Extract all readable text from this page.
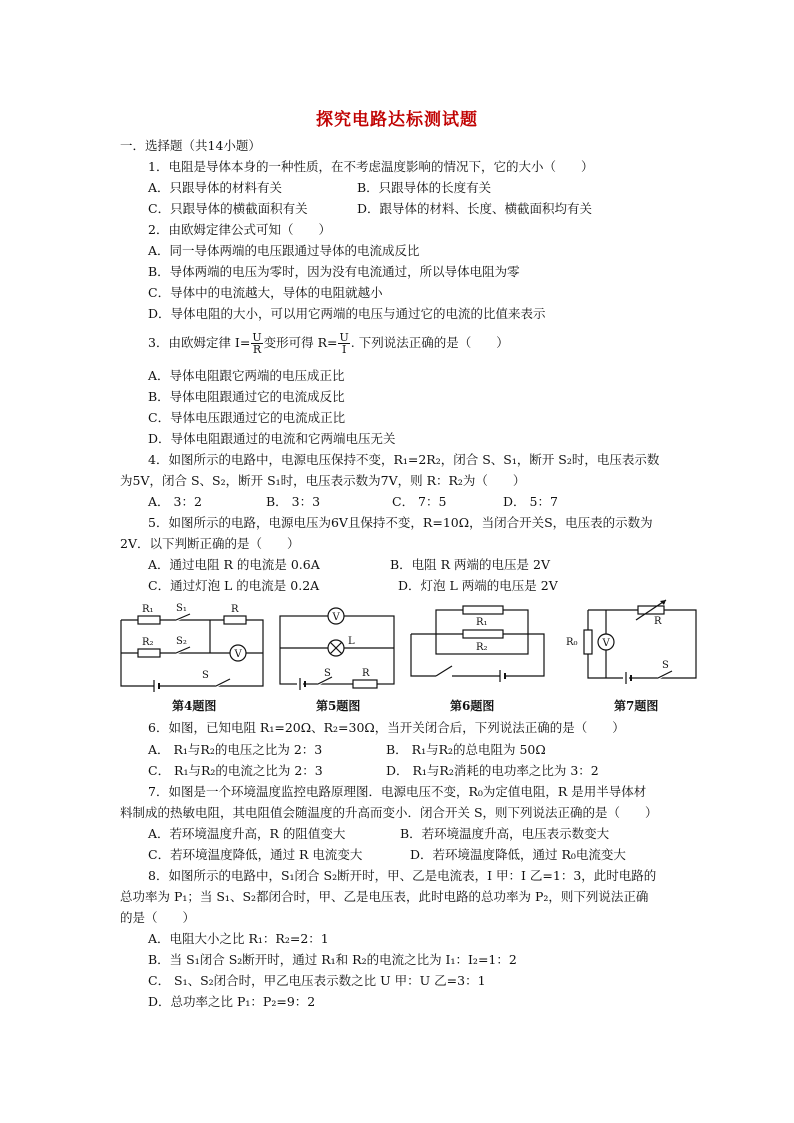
探究电路达标测试题
一．选择题（共14小题）
1．电阻是导体本身的一种性质，在不考虑温度影响的情况下，它的大小（　　）
A．只跟导体的材料有关	B．只跟导体的长度有关
C．只跟导体的横截面积有关	D．跟导体的材料、长度、横截面积均有关
2．由欧姆定律公式可知（　　）
A．同一导体两端的电压跟通过导体的电流成反比
B．导体两端的电压为零时，因为没有电流通过，所以导体电阻为零
C．导体中的电流越大，导体的电阻就越小
D．导体电阻的大小，可以用它两端的电压与通过它的电流的比值来表示
3．由欧姆定律 $I= \frac{U}{R}$ 变形可得 $R= \frac{U}{I}$ . 下列说法正确的是（　　）
A．导体电阻跟它两端的电压成正比
B．导体电阻跟通过它的电流成反比
C．导体电压跟通过它的电流成正比
D．导体电阻跟通过的电流和它两端电压无关
4．如图所示的电路中，电源电压保持不变，R₁=2R₂，闭合 S、S₁，断开 S₂时，电压表示数
为5V，闭合 S、S₂，断开 S₁时，电压表示数为7V，则 R：R₂为（　　）
A． 3：2	B． 3：3	C． 7：5	D． 5：7
5．如图所示的电路，电源电压为6V且保持不变，R=10Ω，当闭合开关S，电压表的示数为
2V．以下判断正确的是（　　）
A．通过电阻 R 的电流是 0.6A	B．电阻 R 两端的电压是 2V
C．通过灯泡 L 的电流是 0.2A	D．灯泡 L 两端的电压是 2V
R₁ S₁	R
R₂ S₂
V
S
第4题图
V
L
S	R
第5题图
R₁
R₂
第6题图
R₀ V
R
S
第7题图
6．如图，已知电阻 R₁=20Ω、R₂=30Ω，当开关闭合后，下列说法正确的是（　　）
A． R₁与R₂的电压之比为 2：3	B． R₁与R₂的总电阻为 50Ω
C． R₁与R₂的电流之比为 2：3	D． R₁与R₂消耗的电功率之比为 3：2
7．如图是一个环境温度监控电路原理图．电源电压不变，R₀为定值电阻，R 是用半导体材
料制成的热敏电阻，其电阻值会随温度的升高而变小．闭合开关 S，则下列说法正确的是（　　）
A．若环境温度升高，R 的阻值变大	B．若环境温度升高，电压表示数变大
C．若环境温度降低，通过 R 电流变大	D．若环境温度降低，通过 R₀电流变大
8．如图所示的电路中，S₁闭合 S₂断开时，甲、乙是电流表，I 甲：I 乙=1：3，此时电路的
总功率为 P₁；当 S₁、S₂都闭合时，甲、乙是电压表，此时电路的总功率为 P₂，则下列说法正确
的是（　　）
A．电阻大小之比 R₁：R₂=2：1
B．当 S₁闭合 S₂断开时，通过 R₁和 R₂的电流之比为 I₁：I₂=1：2
C． S₁、S₂闭合时，甲乙电压表示数之比 U 甲：U 乙=3：1
D．总功率之比 P₁：P₂=9：2
